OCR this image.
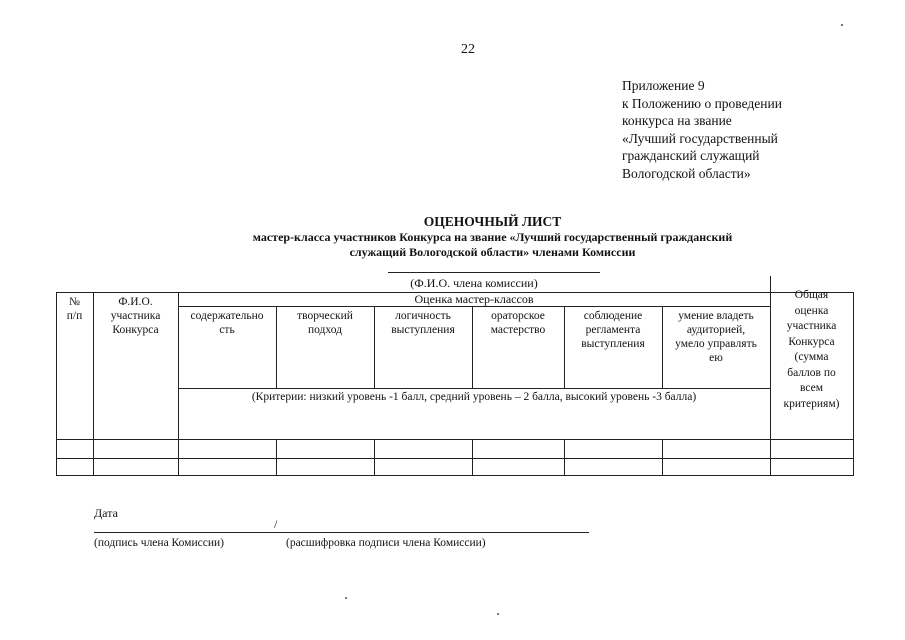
22
Приложение 9
к Положению о проведении
конкурса на звание
«Лучший государственный
гражданский служащий
Вологодской области»
ОЦЕНОЧНЫЙ ЛИСТ
мастер-класса участников Конкурса на звание «Лучший государственный гражданский
служащий Вологодской области» членами Комиссии
(Ф.И.О. члена комиссии)
№
п/п
Ф.И.О.
участника
Конкурса
Оценка мастер-классов
содержательно
сть
творческий
подход
логичность
выступления
ораторское
мастерство
соблюдение
регламента
выступления
умение владеть
аудиторией,
умело управлять
ею
(Критерии: низкий уровень -1 балл, средний уровень – 2 балла, высокий уровень -3 балла)
Общая
оценка
участника
Конкурса
(сумма
баллов по
всем
критериям)
Дата
/
(подпись члена Комиссии)	(расшифровка подписи члена Комиссии)
